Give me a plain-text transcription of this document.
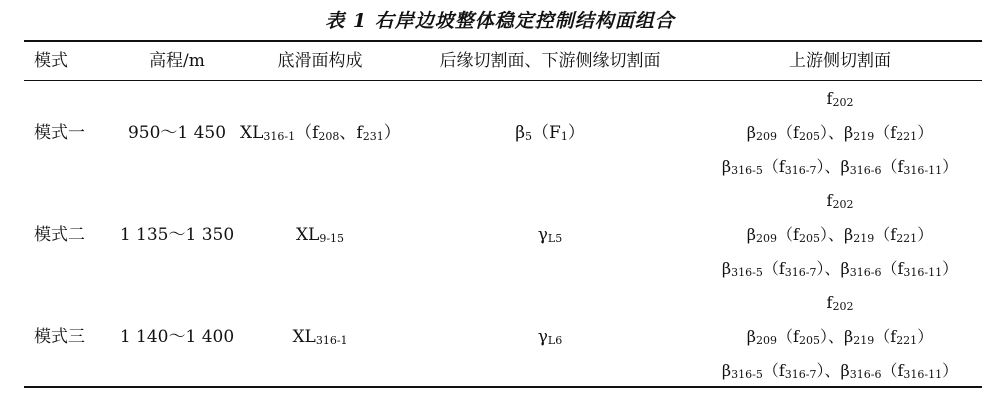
表 1 右岸边坡整体稳定控制结构面组合
模式	高程/m	底滑面构成	后缘切割面、下游侧缘切割面	上游侧切割面
模式一	950～1 450 $XL_{316-1}(f_{208}$、$f_{231}$）	$\beta_5(F_1)$
$f_{202}$
$\beta_{209}(f_{205})$、$\beta_{219}(f_{221})$
$\beta_{316-5}(f_{316-7})$、$\beta_{316-6}(f_{316-11})$
模式二	1 135～1 350	$XL_{9-15}$	$\gamma_{L5}$
$f_{202}$
$\beta_{209}(f_{205})$、$\beta_{219}(f_{221})$
$\beta_{316-5}(f_{316-7})$、$\beta_{316-6}(f_{316-11})$
模式三	1 140～1 400	$XL_{316-1}$	$\gamma_{L6}$
$f_{202}$
$\beta_{209}(f_{205})$、$\beta_{219}(f_{221})$
$\beta_{316-5}(f_{316-7})$、$\beta_{316-6}(f_{316-11})$
